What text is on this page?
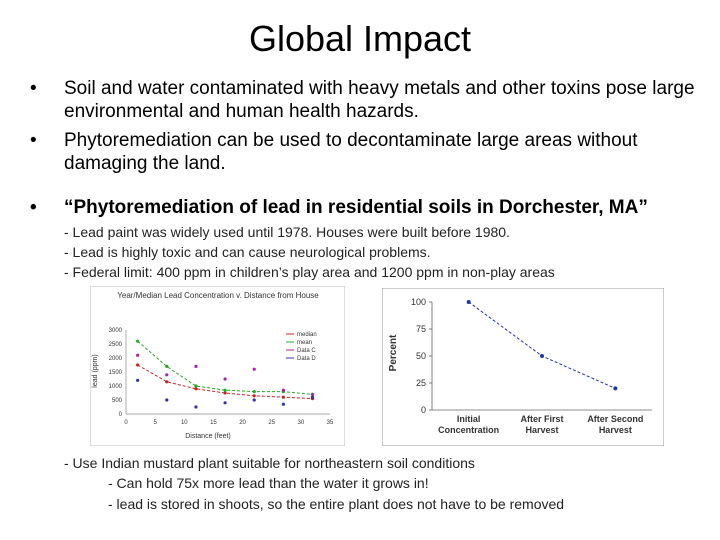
Global Impact
• Soil and water contaminated with heavy metals and other toxins pose large environmental and human health hazards.
• Phytoremediation can be used to decontaminate large areas without damaging the land.
• “Phytoremediation of lead in residential soils in Dorchester, MA”
- Lead paint was widely used until 1978. Houses were built before 1980.
- Lead is highly toxic and can cause neurological problems.
- Federal limit: 400 ppm in children’s play area and 1200 ppm in non-play areas
Year/Median Lead Concentration v. Distance from House
0
500
1000
1500
2000
2500
3000
0	5	10	15	20	25	30	35
median
mean
Data C
Data D
Distance (feet)
lead (ppm)
0
25
50
75
100
Initial
Concentration
After First
Harvest
After Second
Harvest
Percent
- Use Indian mustard plant suitable for northeastern soil conditions
- Can hold 75x more lead than the water it grows in!
- lead is stored in shoots, so the entire plant does not have to be removed
